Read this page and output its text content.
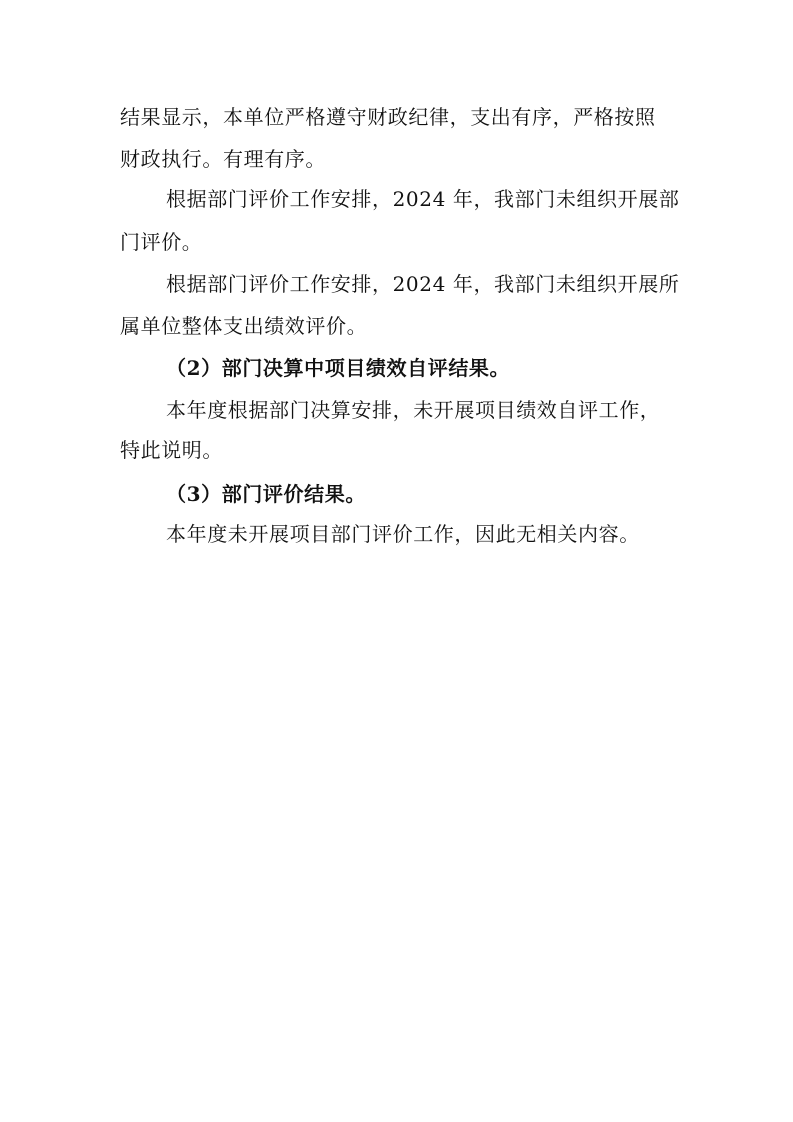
结果显示，本单位严格遵守财政纪律，支出有序，严格按照
财政执行。有理有序。
根据部门评价工作安排，2024 年，我部门未组织开展部
门评价。
根据部门评价工作安排，2024 年，我部门未组织开展所
属单位整体支出绩效评价。
（2）部门决算中项目绩效自评结果。
本年度根据部门决算安排，未开展项目绩效自评工作，
特此说明。
（3）部门评价结果。
本年度未开展项目部门评价工作，因此无相关内容。
